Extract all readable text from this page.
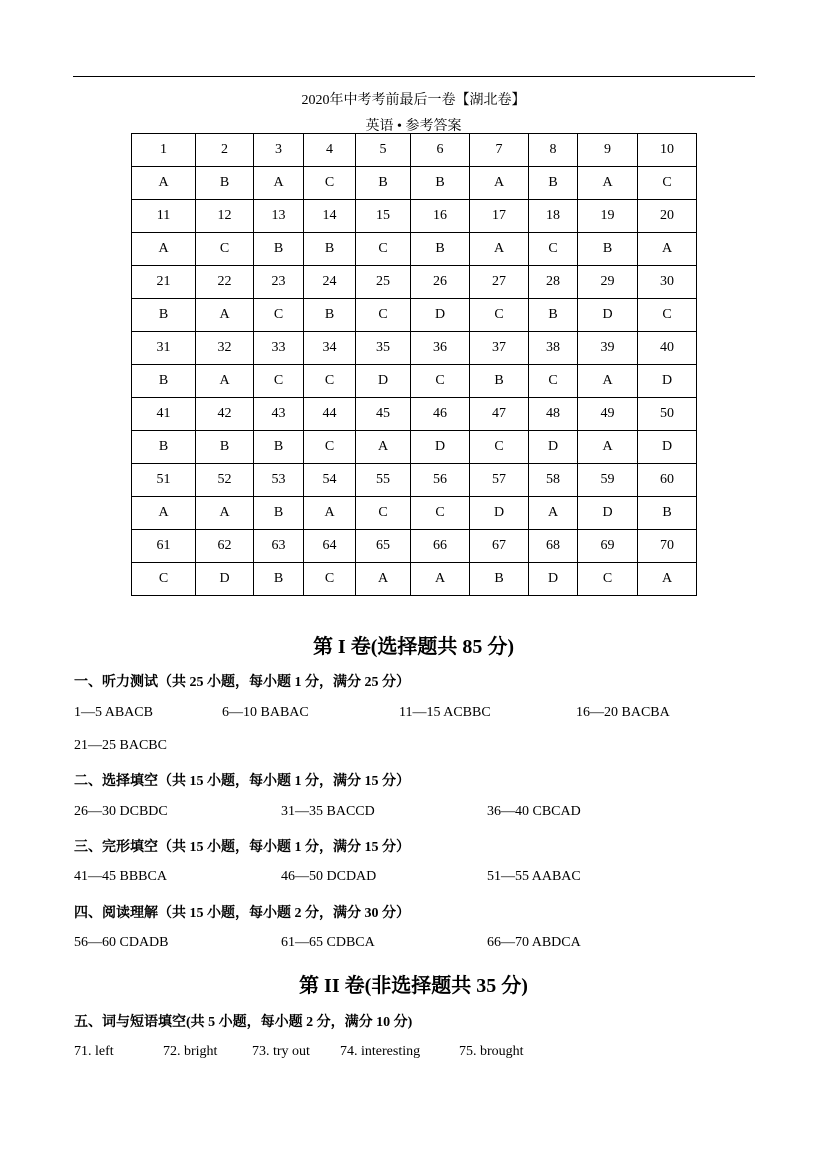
2020年中考考前最后一卷【湖北卷】
英语 • 参考答案
1	2	3	4	5	6	7	8	9	10
A	B	A	C	B	B	A	B	A	C
11	12	13	14	15	16	17	18	19	20
A	C	B	B	C	B	A	C	B	A
21	22	23	24	25	26	27	28	29	30
B	A	C	B	C	D	C	B	D	C
31	32	33	34	35	36	37	38	39	40
B	A	C	C	D	C	B	C	A	D
41	42	43	44	45	46	47	48	49	50
B	B	B	C	A	D	C	D	A	D
51	52	53	54	55	56	57	58	59	60
A	A	B	A	C	C	D	A	D	B
61	62	63	64	65	66	67	68	69	70
C	D	B	C	A	A	B	D	C	A
第 I 卷(选择题共 85 分)
一、听力测试（共 25 小题，每小题 1 分，满分 25 分）
1—5 ABACB	6—10 BABAC	11—15 ACBBC	16—20 BACBA
21—25 BACBC
二、选择填空（共 15 小题，每小题 1 分，满分 15 分）
26—30 DCBDC	31—35 BACCD	36—40 CBCAD
三、完形填空（共 15 小题，每小题 1 分，满分 15 分）
41—45 BBBCA	46—50 DCDAD	51—55 AABAC
四、阅读理解（共 15 小题，每小题 2 分，满分 30 分）
56—60 CDADB	61—65 CDBCA	66—70 ABDCA
第 II 卷(非选择题共 35 分)
五、词与短语填空(共 5 小题，每小题 2 分，满分 10 分)
71. left	72. bright 73. try out 74. interesting	75. brought
